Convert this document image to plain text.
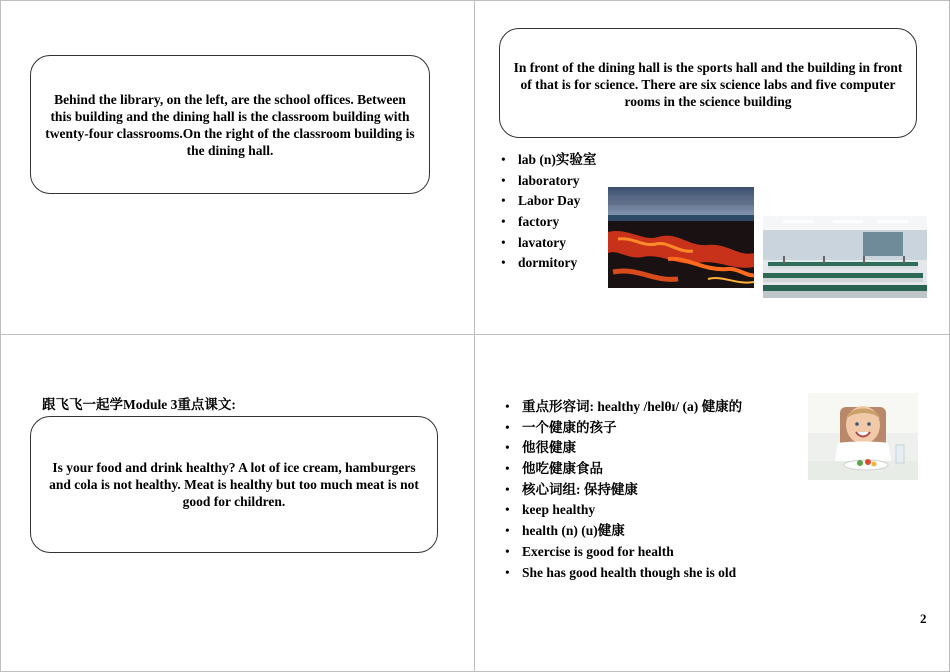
Behind the library, on the left, are the school offices. Between this building and the dining hall is the classroom building with twenty-four classrooms.On the right of the classroom building is the dining hall.
In front of the dining hall is the sports hall and the building in front of that is for science. There are six science labs and five computer rooms in the science building
• lab (n)实验室
• laboratory
• Labor Day
• factory
• lavatory
• dormitory
跟飞飞一起学Module 3重点课文:
Is your food and drink healthy? A lot of ice cream, hamburgers and cola is not healthy. Meat is healthy but too much meat is not good for children.
• 重点形容词: healthy /helθɪ/ (a) 健康的
• 一个健康的孩子
• 他很健康
• 他吃健康食品
• 核心词组: 保持健康
• keep healthy
• health (n) (u)健康
• Exercise is good for health
• She has good health though she is old
2
